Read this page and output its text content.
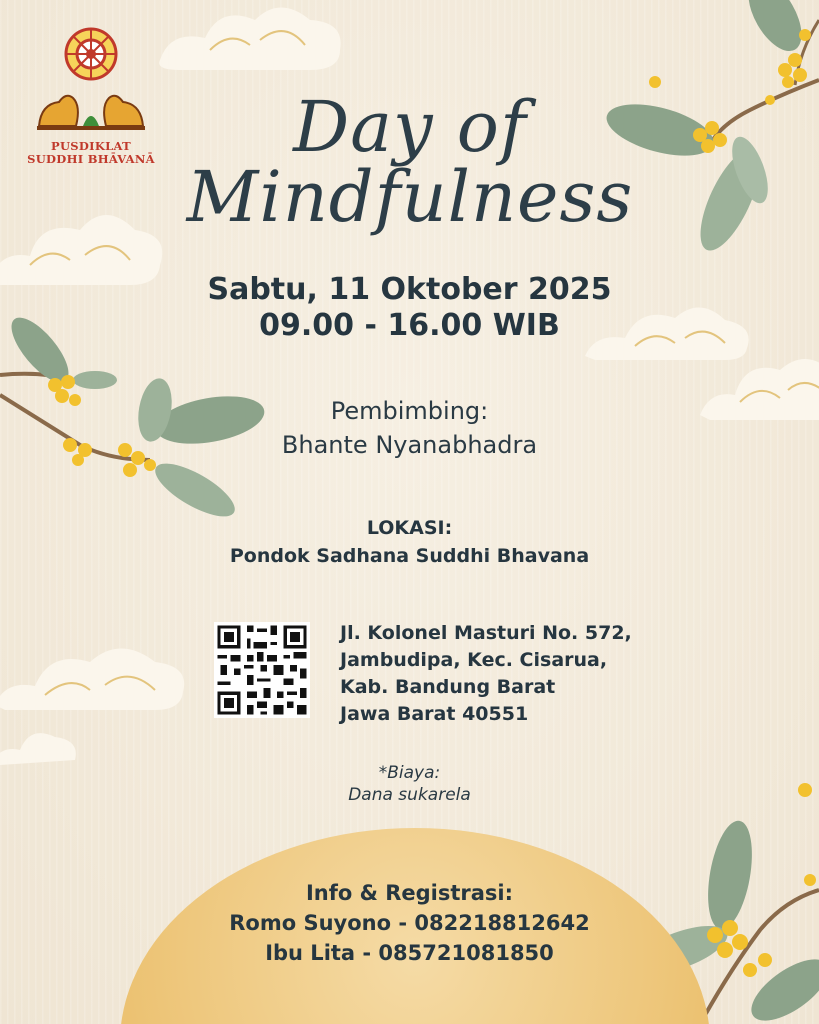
PUSDIKLAT
SUDDHI BHĀVANĀ	Day of Mindfulness
Sabtu, 11 Oktober 2025
09.00 - 16.00 WIB
Pembimbing:
Bhante Nyanabhadra
LOKASI:
Pondok Sadhana Suddhi Bhavana
Jl. Kolonel Masturi No. 572,
Jambudipa, Kec. Cisarua,
Kab. Bandung Barat
Jawa Barat 40551
*Biaya:
Dana sukarela
Info & Registrasi:
Romo Suyono - 082218812642
Ibu Lita - 085721081850
